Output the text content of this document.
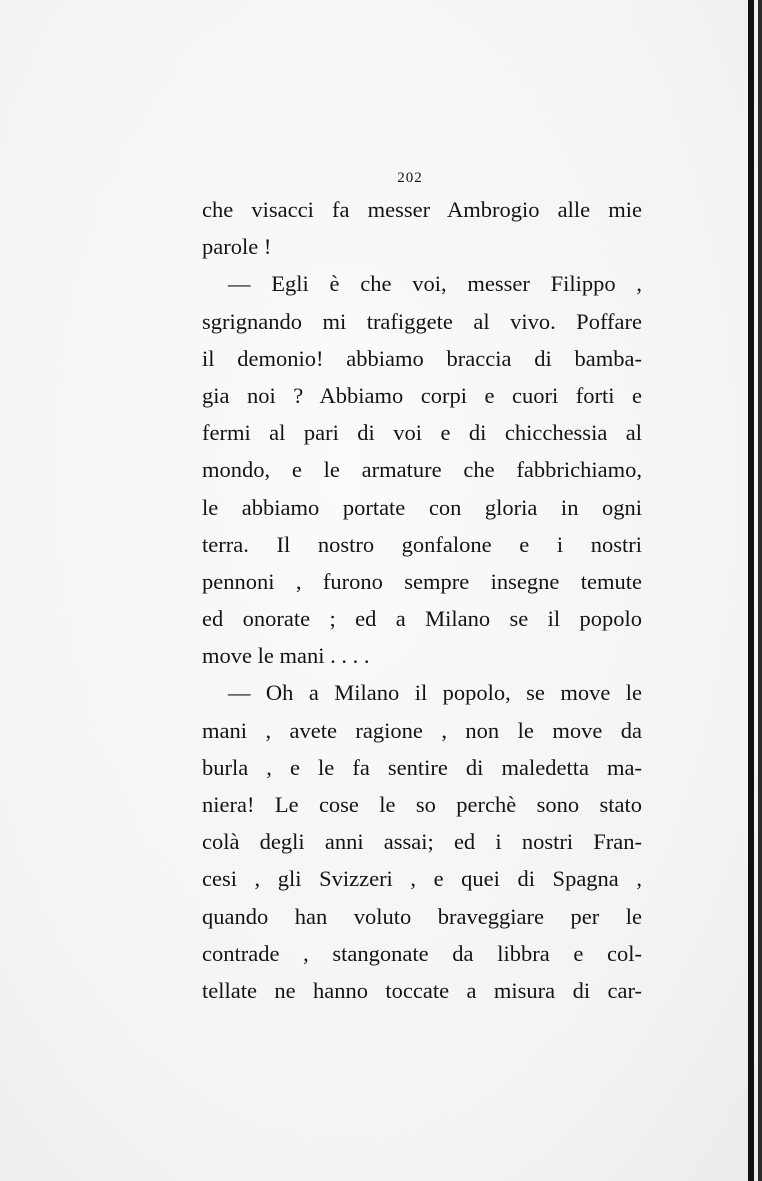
202
che visacci fa messer Ambrogio alle mie
parole !
— Egli è che voi, messer Filippo ,
sgrignando mi trafiggete al vivo. Poffare
il demonio! abbiamo braccia di bamba-
gia noi ? Abbiamo corpi e cuori forti e
fermi al pari di voi e di chicchessia al
mondo, e le armature che fabbrichiamo,
le abbiamo portate con gloria in ogni
terra. Il nostro gonfalone e i nostri
pennoni , furono sempre insegne temute
ed onorate ; ed a Milano se il popolo
move le mani . . . .
— Oh a Milano il popolo, se move le
mani , avete ragione , non le move da
burla , e le fa sentire di maledetta ma-
niera! Le cose le so perchè sono stato
colà degli anni assai; ed i nostri Fran-
cesi , gli Svizzeri , e quei di Spagna ,
quando han voluto braveggiare per le
contrade , stangonate da libbra e col-
tellate ne hanno toccate a misura di car-
